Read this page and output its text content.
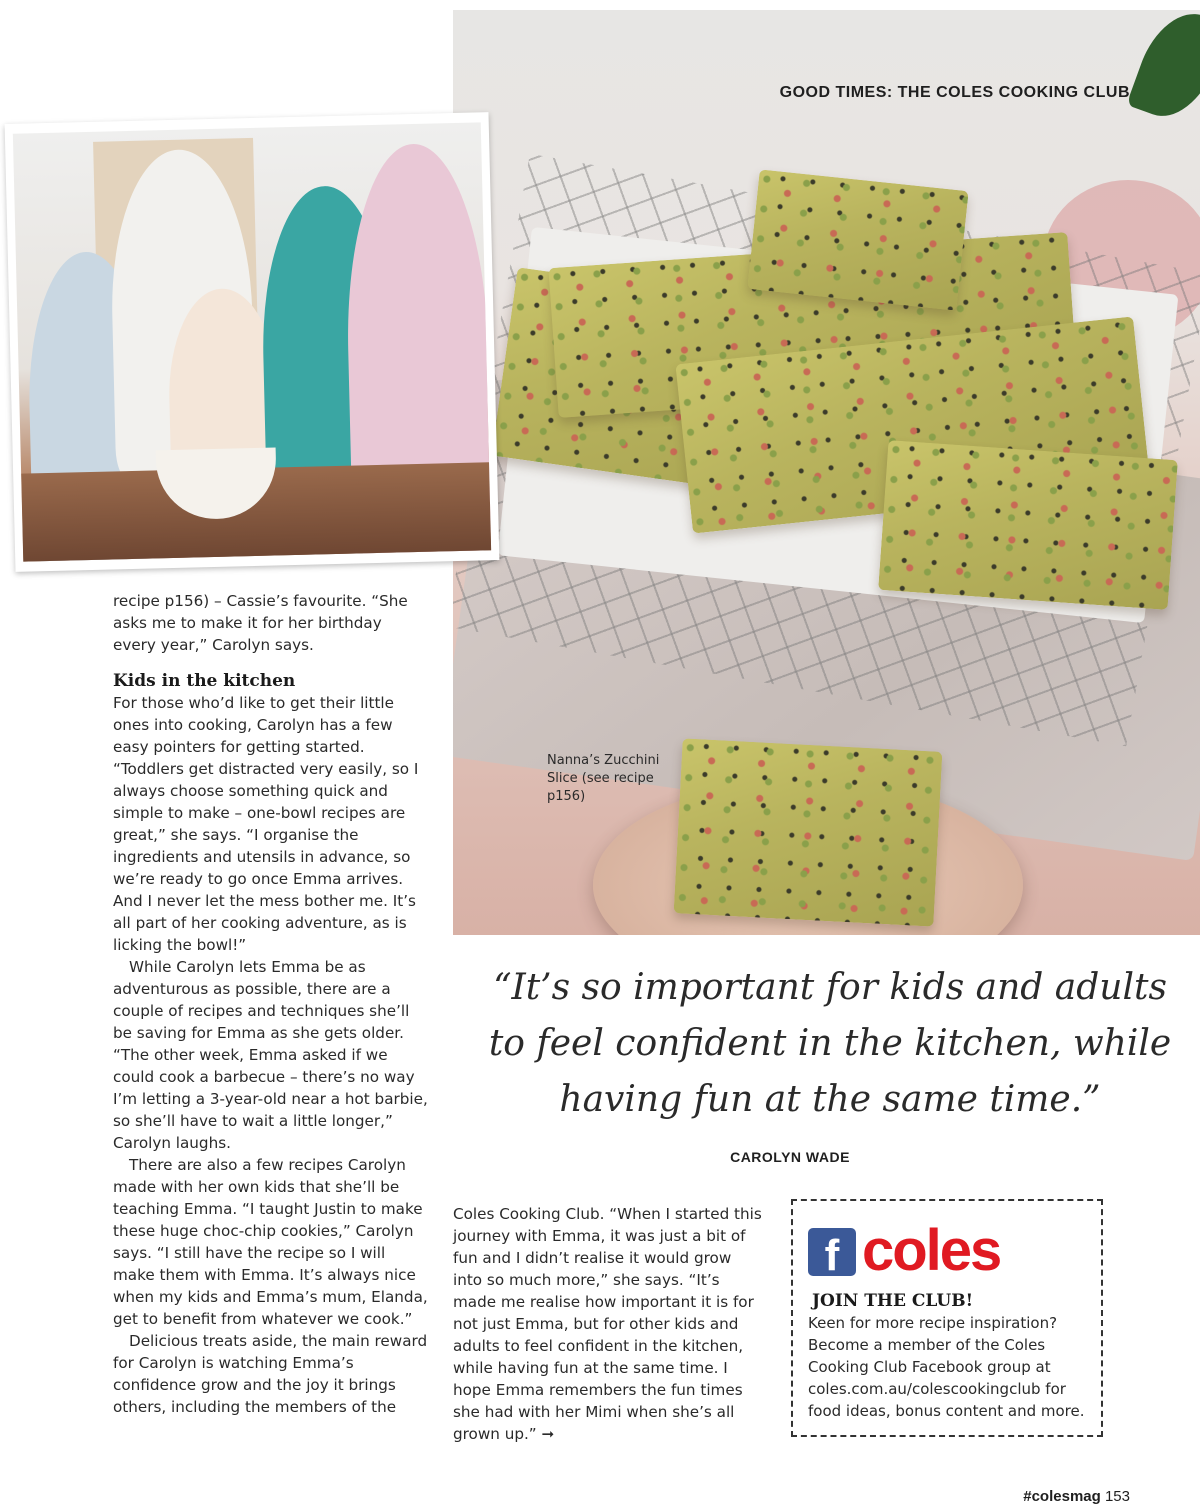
GOOD TIMES: THE COLES COOKING CLUB
Nanna’s Zucchini Slice (see recipe p156)

recipe p156) – Cassie’s favourite. “She asks me to make it for her birthday every year,” Carolyn says.

Kids in the kitchen

For those who’d like to get their little ones into cooking, Carolyn has a few easy pointers for getting started. “Toddlers get distracted very easily, so I always choose something quick and simple to make – one-bowl recipes are great,” she says. “I organise the ingredients and utensils in advance, so we’re ready to go once Emma arrives. And I never let the mess bother me. It’s all part of her cooking adventure, as is licking the bowl!”

While Carolyn lets Emma be as adventurous as possible, there are a couple of recipes and techniques she’ll be saving for Emma as she gets older. “The other week, Emma asked if we could cook a barbecue – there’s no way I’m letting a 3-year-old near a hot barbie, so she’ll have to wait a little longer,” Carolyn laughs.

There are also a few recipes Carolyn made with her own kids that she’ll be teaching Emma. “I taught Justin to make these huge choc-chip cookies,” Carolyn says. “I still have the recipe so I will make them with Emma. It’s always nice when my kids and Emma’s mum, Elanda, get to benefit from whatever we cook.”

Delicious treats aside, the main reward for Carolyn is watching Emma’s confidence grow and the joy it brings others, including the members of the

“It’s so important for kids and adults to feel confident in the kitchen, while having fun at the same time.”
CAROLYN WADE

Coles Cooking Club. “When I started this journey with Emma, it was just a bit of fun and I didn’t realise it would grow into so much more,” she says. “It’s made me realise how important it is for not just Emma, but for other kids and adults to feel confident in the kitchen, while having fun at the same time. I hope Emma remembers the fun times she had with her Mimi when she’s all grown up.” ➞

f coles
JOIN THE CLUB!
Keen for more recipe inspiration? Become a member of the Coles Cooking Club Facebook group at coles.com.au/colescookingclub for food ideas, bonus content and more.
#colesmag 153
